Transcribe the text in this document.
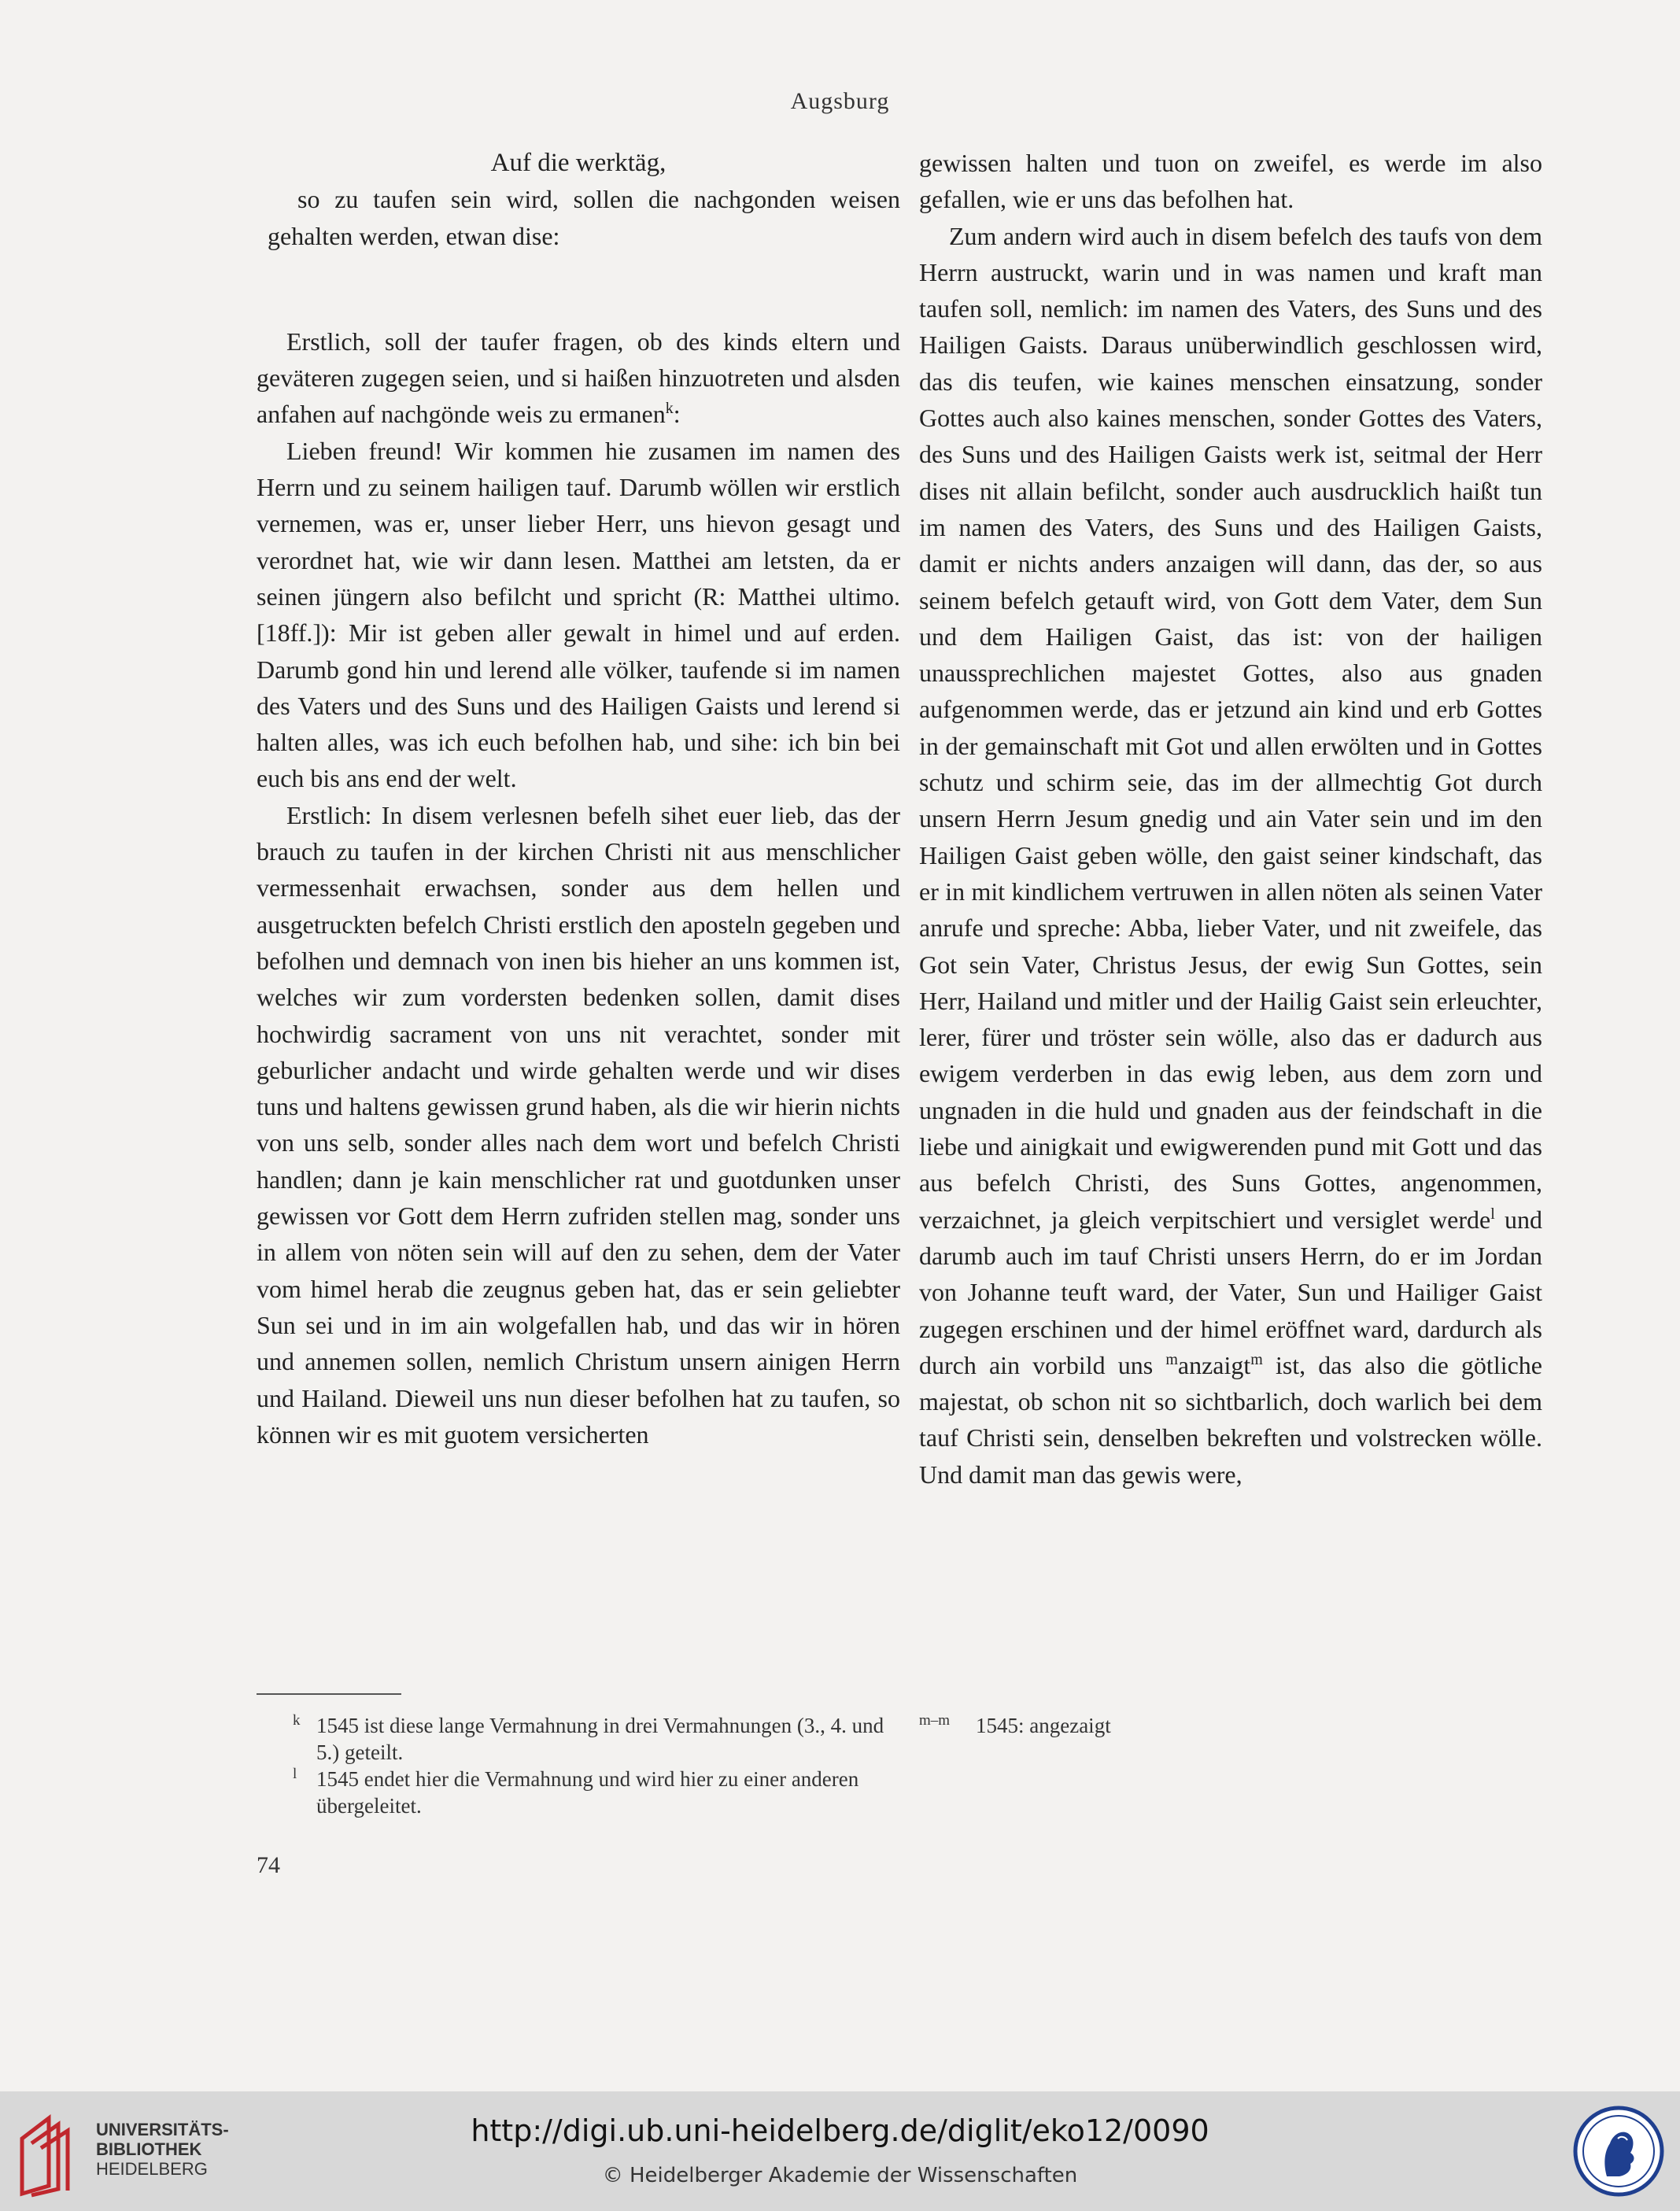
Augsburg

Auf die werktäg,

so zu taufen sein wird, sollen die nachgonden weisen gehalten werden, etwan dise:

Erstlich, soll der taufer fragen, ob des kinds eltern und geväteren zugegen seien, und si haißen hinzuotreten und alsden anfahen auf nachgönde weis zu ermanen$^k$:

Lieben freund! Wir kommen hie zusamen im namen des Herrn und zu seinem hailigen tauf. Darumb wöllen wir erstlich vernemen, was er, unser lieber Herr, uns hievon gesagt und verordnet hat, wie wir dann lesen. Matthei am letsten, da er seinen jüngern also befilcht und spricht (R: Matthei ultimo. [18ff.]): Mir ist geben aller gewalt in himel und auf erden. Darumb gond hin und lerend alle völker, taufende si im namen des Vaters und des Suns und des Hailigen Gaists und lerend si halten alles, was ich euch befolhen hab, und sihe: ich bin bei euch bis ans end der welt.

Erstlich: In disem verlesnen befelh sihet euer lieb, das der brauch zu taufen in der kirchen Christi nit aus menschlicher vermessenhait erwachsen, sonder aus dem hellen und ausgetruckten befelch Christi erstlich den aposteln gegeben und befolhen und demnach von inen bis hieher an uns kommen ist, welches wir zum vordersten bedenken sollen, damit dises hochwirdig sacrament von uns nit verachtet, sonder mit geburlicher andacht und wirde gehalten werde und wir dises tuns und haltens gewissen grund haben, als die wir hierin nichts von uns selb, sonder alles nach dem wort und befelch Christi handlen; dann je kain menschlicher rat und guotdunken unser gewissen vor Gott dem Herrn zufriden stellen mag, sonder uns in allem von nöten sein will auf den zu sehen, dem der Vater vom himel herab die zeugnus geben hat, das er sein geliebter Sun sei und in im ain wolgefallen hab, und das wir in hören und annemen sollen, nemlich Christum unsern ainigen Herrn und Hailand. Dieweil uns nun dieser befolhen hat zu taufen, so können wir es mit guotem versicherten

gewissen halten und tuon on zweifel, es werde im also gefallen, wie er uns das befolhen hat.

Zum andern wird auch in disem befelch des taufs von dem Herrn austruckt, warin und in was namen und kraft man taufen soll, nemlich: im namen des Vaters, des Suns und des Hailigen Gaists. Daraus unüberwindlich geschlossen wird, das dis teufen, wie kaines menschen einsatzung, sonder Gottes auch also kaines menschen, sonder Gottes des Vaters, des Suns und des Hailigen Gaists werk ist, seitmal der Herr dises nit allain befilcht, sonder auch ausdrucklich haißt tun im namen des Vaters, des Suns und des Hailigen Gaists, damit er nichts anders anzaigen will dann, das der, so aus seinem befelch getauft wird, von Gott dem Vater, dem Sun und dem Hailigen Gaist, das ist: von der hailigen unaussprechlichen majestet Gottes, also aus gnaden aufgenommen werde, das er jetzund ain kind und erb Gottes in der gemainschaft mit Got und allen erwölten und in Gottes schutz und schirm seie, das im der allmechtig Got durch unsern Herrn Jesum gnedig und ain Vater sein und im den Hailigen Gaist geben wölle, den gaist seiner kindschaft, das er in mit kindlichem vertruwen in allen nöten als seinen Vater anrufe und spreche: Abba, lieber Vater, und nit zweifele, das Got sein Vater, Christus Jesus, der ewig Sun Gottes, sein Herr, Hailand und mitler und der Hailig Gaist sein erleuchter, lerer, fürer und tröster sein wölle, also das er dadurch aus ewigem verderben in das ewig leben, aus dem zorn und ungnaden in die huld und gnaden aus der feindschaft in die liebe und ainigkait und ewigwerenden pund mit Gott und das aus befelch Christi, des Suns Gottes, angenommen, verzaichnet, ja gleich verpitschiert und versiglet werde$^l$ und darumb auch im tauf Christi unsers Herrn, do er im Jordan von Johanne teuft ward, der Vater, Sun und Hailiger Gaist zugegen erschinen und der himel eröffnet ward, dardurch als durch ain vorbild uns $^m$anzaigt$^m$ ist, das also die götliche majestat, ob schon nit so sichtbarlich, doch warlich bei dem tauf Christi sein, denselben bekreften und volstrecken wölle. Und damit man das gewis were,

k 1545 ist diese lange Vermahnung in drei Vermahnungen (3., 4. und 5.) geteilt.
l 1545 endet hier die Vermahnung und wird hier zu einer anderen übergeleitet.
m–m 1545: angezaigt
74
UNIVERSITÄTS-
BIBLIOTHEK
HEIDELBERG
http://digi.ub.uni-heidelberg.de/diglit/eko12/0090
© Heidelberger Akademie der Wissenschaften
